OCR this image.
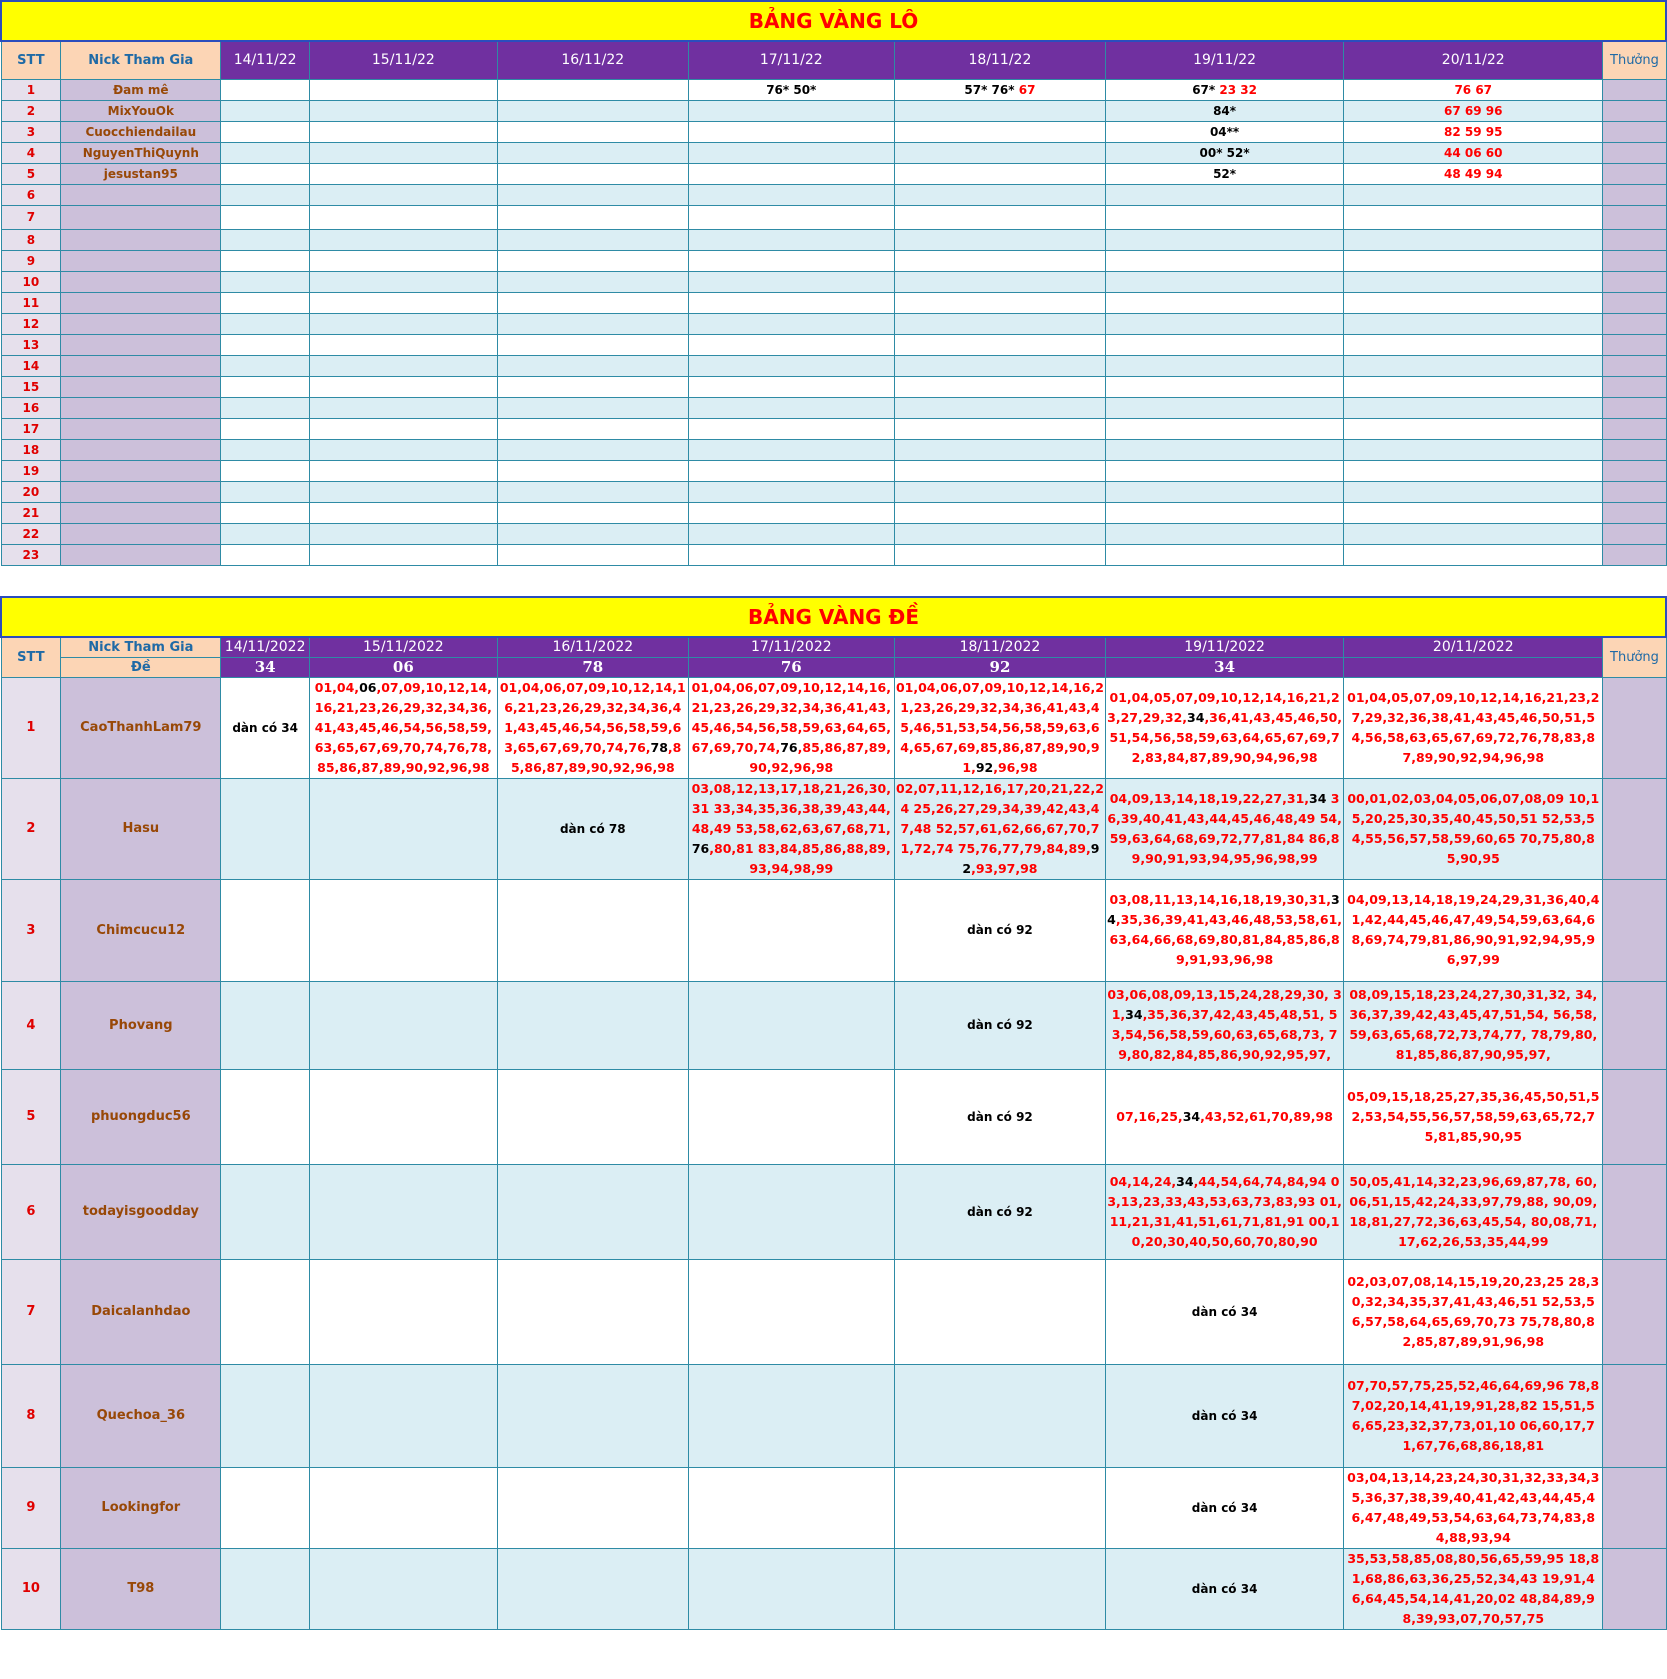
BẢNG VÀNG LÔ									
STT	Nick Tham Gia	14/11/22	15/11/22	16/11/22	17/11/22	18/11/22	19/11/22	20/11/22	Thưởng
1	Đam mê				76* 50*	57* 76* 67	67* 23 32	76 67	
2	MixYouOk						84*	67 69 96	
3	Cuocchiendailau						04**	82 59 95	
4	NguyenThiQuynh						00* 52*	44 06 60	
5	jesustan95						52*	48 49 94	
6									
7									
8									
9									
10									
11									
12									
13									
14									
15									
16									
17									
18									
19									
20									
21									
22									
23									
BẢNG VÀNG ĐỀ									
STT	Nick Tham Gia	14/11/2022	15/11/2022	16/11/2022	17/11/2022	18/11/2022	19/11/2022	20/11/2022	Thưởng
	Đề	34	06	78	76	92	34		
1	CaoThanhLam79	dàn có 34	01,04,06,07,09,10,12,14,16,21,23,26,29,32,34,36,41,43,45,46,54,56,58,59,63,65,67,69,70,74,76,78,85,86,87,89,90,92,96,98	01,04,06,07,09,10,12,14,16,21,23,26,29,32,34,36,41,43,45,46,54,56,58,59,63,65,67,69,70,74,76,78,85,86,87,89,90,92,96,98	01,04,06,07,09,10,12,14,16,21,23,26,29,32,34,36,41,43,45,46,54,56,58,59,63,64,65,67,69,70,74,76,85,86,87,89,90,92,96,98	01,04,06,07,09,10,12,14,16,21,23,26,29,32,34,36,41,43,45,46,51,53,54,56,58,59,63,64,65,67,69,85,86,87,89,90,91,92,96,98	01,04,05,07,09,10,12,14,16,21,23,27,29,32,34,36,41,43,45,46,50,51,54,56,58,59,63,64,65,67,69,72,83,84,87,89,90,94,96,98	01,04,05,07,09,10,12,14,16,21,23,27,29,32,36,38,41,43,45,46,50,51,54,56,58,63,65,67,69,72,76,78,83,87,89,90,92,94,96,98	

2	Hasu			dàn có 78	03,08,12,13,17,18,21,26,30,31 33,34,35,36,38,39,43,44,48,49 53,58,62,63,67,68,71,76,80,81 83,84,85,86,88,89,93,94,98,99	02,07,11,12,16,17,20,21,22,24 25,26,27,29,34,39,42,43,47,48 52,57,61,62,66,67,70,71,72,74 75,76,77,79,84,89,92,93,97,98	04,09,13,14,18,19,22,27,31,34 36,39,40,41,43,44,45,46,48,49 54,59,63,64,68,69,72,77,81,84 86,89,90,91,93,94,95,96,98,99	00,01,02,03,04,05,06,07,08,09 10,15,20,25,30,35,40,45,50,51 52,53,54,55,56,57,58,59,60,65 70,75,80,85,90,95	

3	Chimcucu12					dàn có 92	03,08,11,13,14,16,18,19,30,31,34,35,36,39,41,43,46,48,53,58,61,63,64,66,68,69,80,81,84,85,86,89,91,93,96,98	04,09,13,14,18,19,24,29,31,36,40,41,42,44,45,46,47,49,54,59,63,64,68,69,74,79,81,86,90,91,92,94,95,96,97,99	

4	Phovang					dàn có 92	03,06,08,09,13,15,24,28,29,30, 31,34,35,36,37,42,43,45,48,51, 53,54,56,58,59,60,63,65,68,73, 79,80,82,84,85,86,90,92,95,97,	08,09,15,18,23,24,27,30,31,32, 34,36,37,39,42,43,45,47,51,54, 56,58,59,63,65,68,72,73,74,77, 78,79,80,81,85,86,87,90,95,97,	

5	phuongduc56					dàn có 92	07,16,25,34,43,52,61,70,89,98	05,09,15,18,25,27,35,36,45,50,51,52,53,54,55,56,57,58,59,63,65,72,75,81,85,90,95	

6	todayisgoodday					dàn có 92	04,14,24,34,44,54,64,74,84,94 03,13,23,33,43,53,63,73,83,93 01,11,21,31,41,51,61,71,81,91 00,10,20,30,40,50,60,70,80,90	50,05,41,14,32,23,96,69,87,78, 60,06,51,15,42,24,33,97,79,88, 90,09,18,81,27,72,36,63,45,54, 80,08,71,17,62,26,53,35,44,99	

7	Daicalanhdao						dàn có 34	02,03,07,08,14,15,19,20,23,25 28,30,32,34,35,37,41,43,46,51 52,53,56,57,58,64,65,69,70,73 75,78,80,82,85,87,89,91,96,98	

8	Quechoa_36						dàn có 34	07,70,57,75,25,52,46,64,69,96 78,87,02,20,14,41,19,91,28,82 15,51,56,65,23,32,37,73,01,10 06,60,17,71,67,76,68,86,18,81	

9	Lookingfor						dàn có 34	03,04,13,14,23,24,30,31,32,33,34,35,36,37,38,39,40,41,42,43,44,45,46,47,48,49,53,54,63,64,73,74,83,84,88,93,94	

10	T98						dàn có 34	35,53,58,85,08,80,56,65,59,95 18,81,68,86,63,36,25,52,34,43 19,91,46,64,45,54,14,41,20,02 48,84,89,98,39,93,07,70,57,75	
